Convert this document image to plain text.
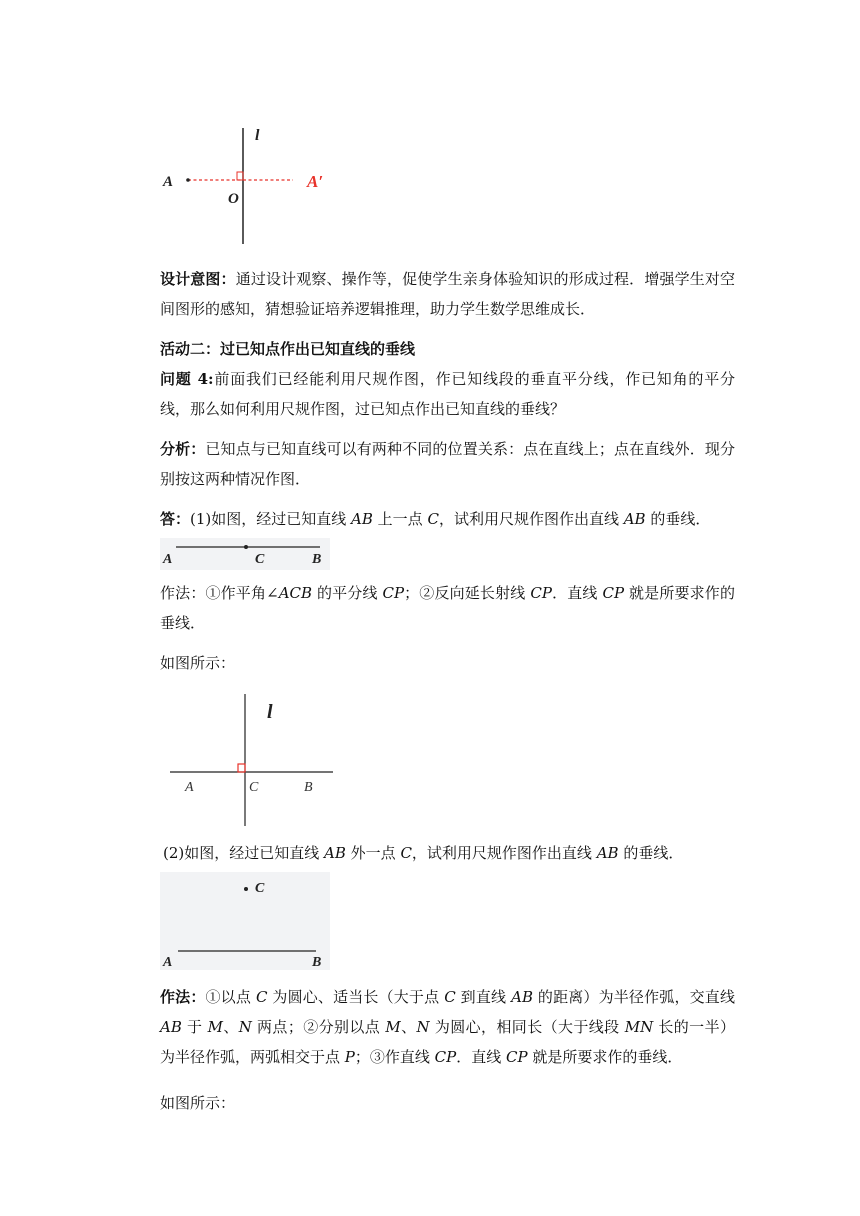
l
A
O
A′

设计意图：通过设计观察、操作等，促使学生亲身体验知识的形成过程．增强学生对空间图形的感知，猜想验证培养逻辑推理，助力学生数学思维成长．

活动二：过已知点作出已知直线的垂线

问题 4:前面我们已经能利用尺规作图，作已知线段的垂直平分线，作已知角的平分线，那么如何利用尺规作图，过已知点作出已知直线的垂线？

分析：已知点与已知直线可以有两种不同的位置关系：点在直线上；点在直线外．现分别按这两种情况作图．

答：(1)如图，经过已知直线 AB 上一点 C，试利用尺规作图作出直线 AB 的垂线．

A	C	B

作法：①作平角∠ACB 的平分线 CP；②反向延长射线 CP．直线 CP 就是所要求作的垂线．

如图所示：

l
A	C	B

(2)如图，经过已知直线 AB 外一点 C，试利用尺规作图作出直线 AB 的垂线．

C
A	B

作法：①以点 C 为圆心、适当长（大于点 C 到直线 AB 的距离）为半径作弧，交直线 AB 于 M、N 两点；②分别以点 M、N 为圆心，相同长（大于线段 MN 长的一半）为半径作弧，两弧相交于点 P；③作直线 CP．直线 CP 就是所要求作的垂线．

如图所示：
